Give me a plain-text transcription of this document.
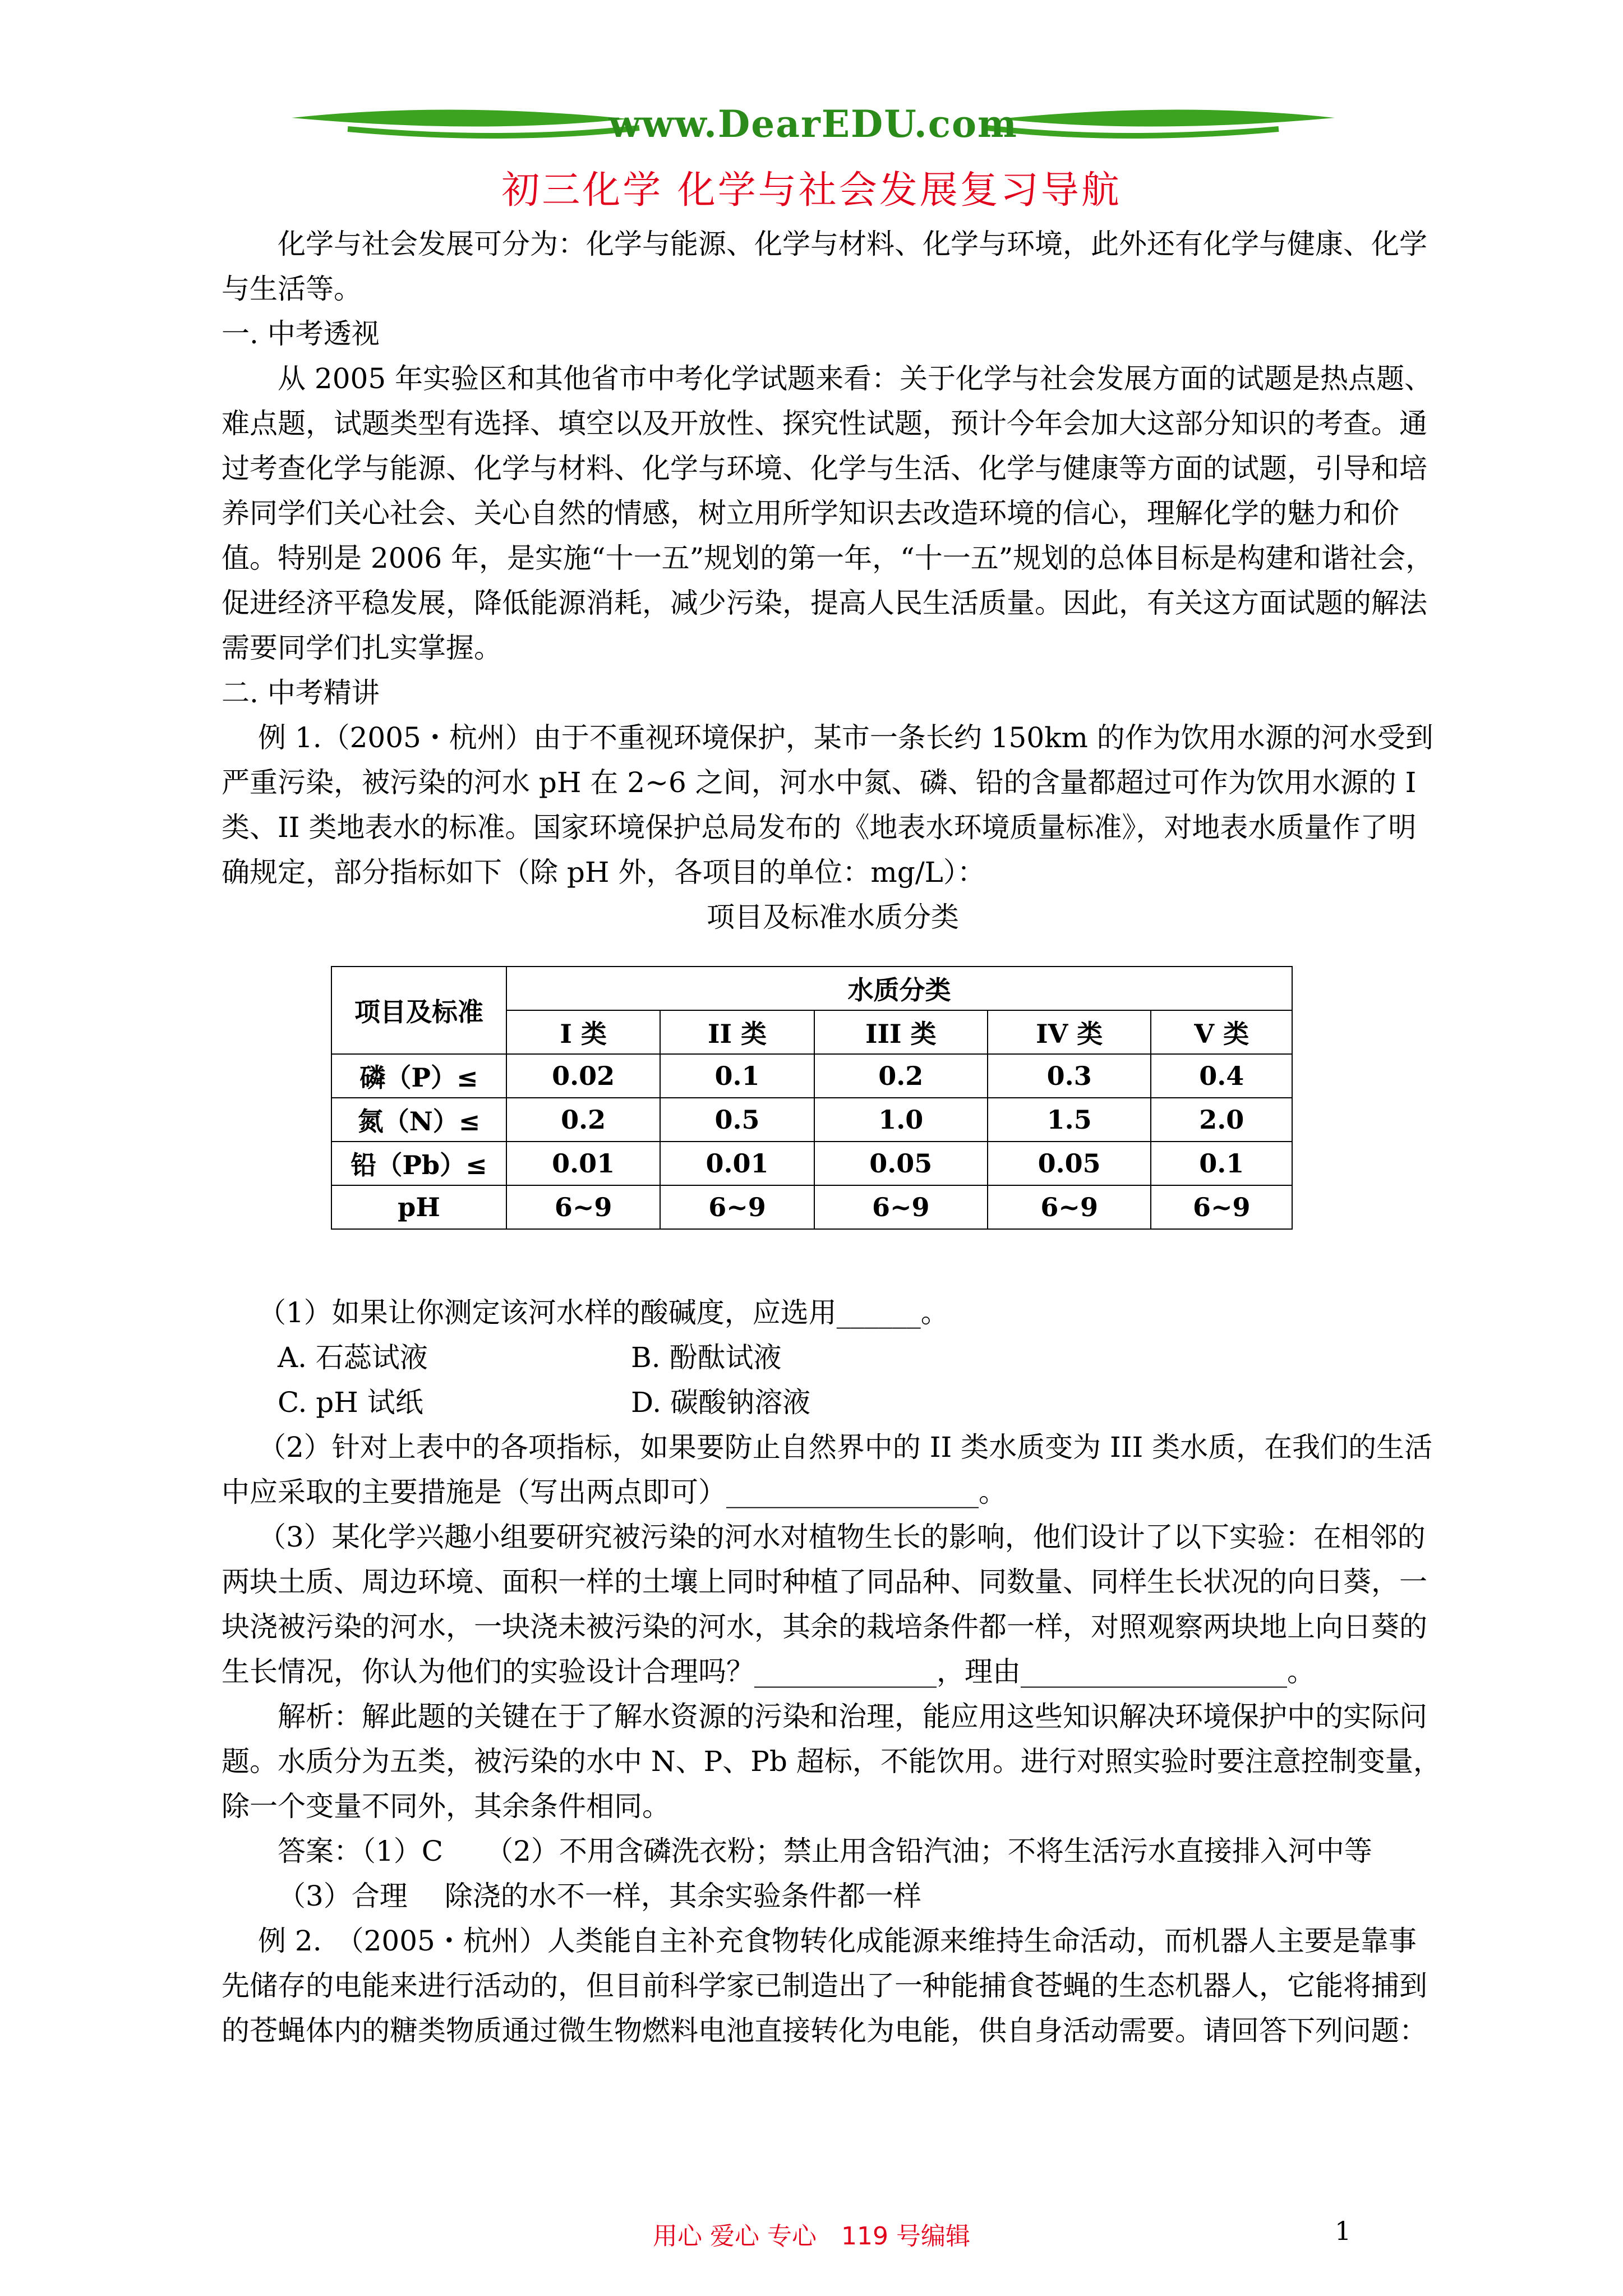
www.DearEDU.com
初三化学 化学与社会发展复习导航

化学与社会发展可分为：化学与能源、化学与材料、化学与环境，此外还有化学与健康、化学与生活等。

一. 中考透视

从 2005 年实验区和其他省市中考化学试题来看：关于化学与社会发展方面的试题是热点题、难点题，试题类型有选择、填空以及开放性、探究性试题，预计今年会加大这部分知识的考查。通过考查化学与能源、化学与材料、化学与环境、化学与生活、化学与健康等方面的试题，引导和培养同学们关心社会、关心自然的情感，树立用所学知识去改造环境的信心，理解化学的魅力和价值。特别是 2006 年，是实施“十一五”规划的第一年，“十一五”规划的总体目标是构建和谐社会，促进经济平稳发展，降低能源消耗，减少污染，提高人民生活质量。因此，有关这方面试题的解法需要同学们扎实掌握。

二. 中考精讲

例 1.（2005・杭州）由于不重视环境保护，某市一条长约 150km 的作为饮用水源的河水受到严重污染，被污染的河水 pH 在 2~6 之间，河水中氮、磷、铅的含量都超过可作为饮用水源的 I 类、II 类地表水的标准。国家环境保护总局发布的《地表水环境质量标准》，对地表水质量作了明确规定，部分指标如下（除 pH 外，各项目的单位：mg/L）：

项目及标准水质分类

项目及标准	水质分类				
	I 类	II 类	III 类	IV 类	V 类
磷（P）≤	0.02	0.1	0.2	0.3	0.4
氮（N）≤	0.2	0.5	1.0	1.5	2.0
铅（Pb）≤	0.01	0.01	0.05	0.05	0.1
pH	6~9	6~9	6~9	6~9	6~9

（1）如果让你测定该河水样的酸碱度，应选用______。

A. 石蕊试液	B. 酚酞试液

C. pH 试纸	D. 碳酸钠溶液

（2）针对上表中的各项指标，如果要防止自然界中的 II 类水质变为 III 类水质，在我们的生活中应采取的主要措施是（写出两点即可）__________________。

（3）某化学兴趣小组要研究被污染的河水对植物生长的影响，他们设计了以下实验：在相邻的两块土质、周边环境、面积一样的土壤上同时种植了同品种、同数量、同样生长状况的向日葵，一块浇被污染的河水，一块浇未被污染的河水，其余的栽培条件都一样，对照观察两块地上向日葵的生长情况，你认为他们的实验设计合理吗？_____________，理由___________________。

解析：解此题的关键在于了解水资源的污染和治理，能应用这些知识解决环境保护中的实际问题。水质分为五类，被污染的水中 N、P、Pb 超标，不能饮用。进行对照实验时要注意控制变量，除一个变量不同外，其余条件相同。

答案：（1）C　　（2）不用含磷洗衣粉；禁止用含铅汽油；不将生活污水直接排入河中等

（3）合理　 除浇的水不一样，其余实验条件都一样

例 2.　（2005・杭州）人类能自主补充食物转化成能源来维持生命活动，而机器人主要是靠事先储存的电能来进行活动的，但目前科学家已制造出了一种能捕食苍蝇的生态机器人，它能将捕到的苍蝇体内的糖类物质通过微生物燃料电池直接转化为电能，供自身活动需要。请回答下列问题：

用心 爱心 专心　119 号编辑	1
